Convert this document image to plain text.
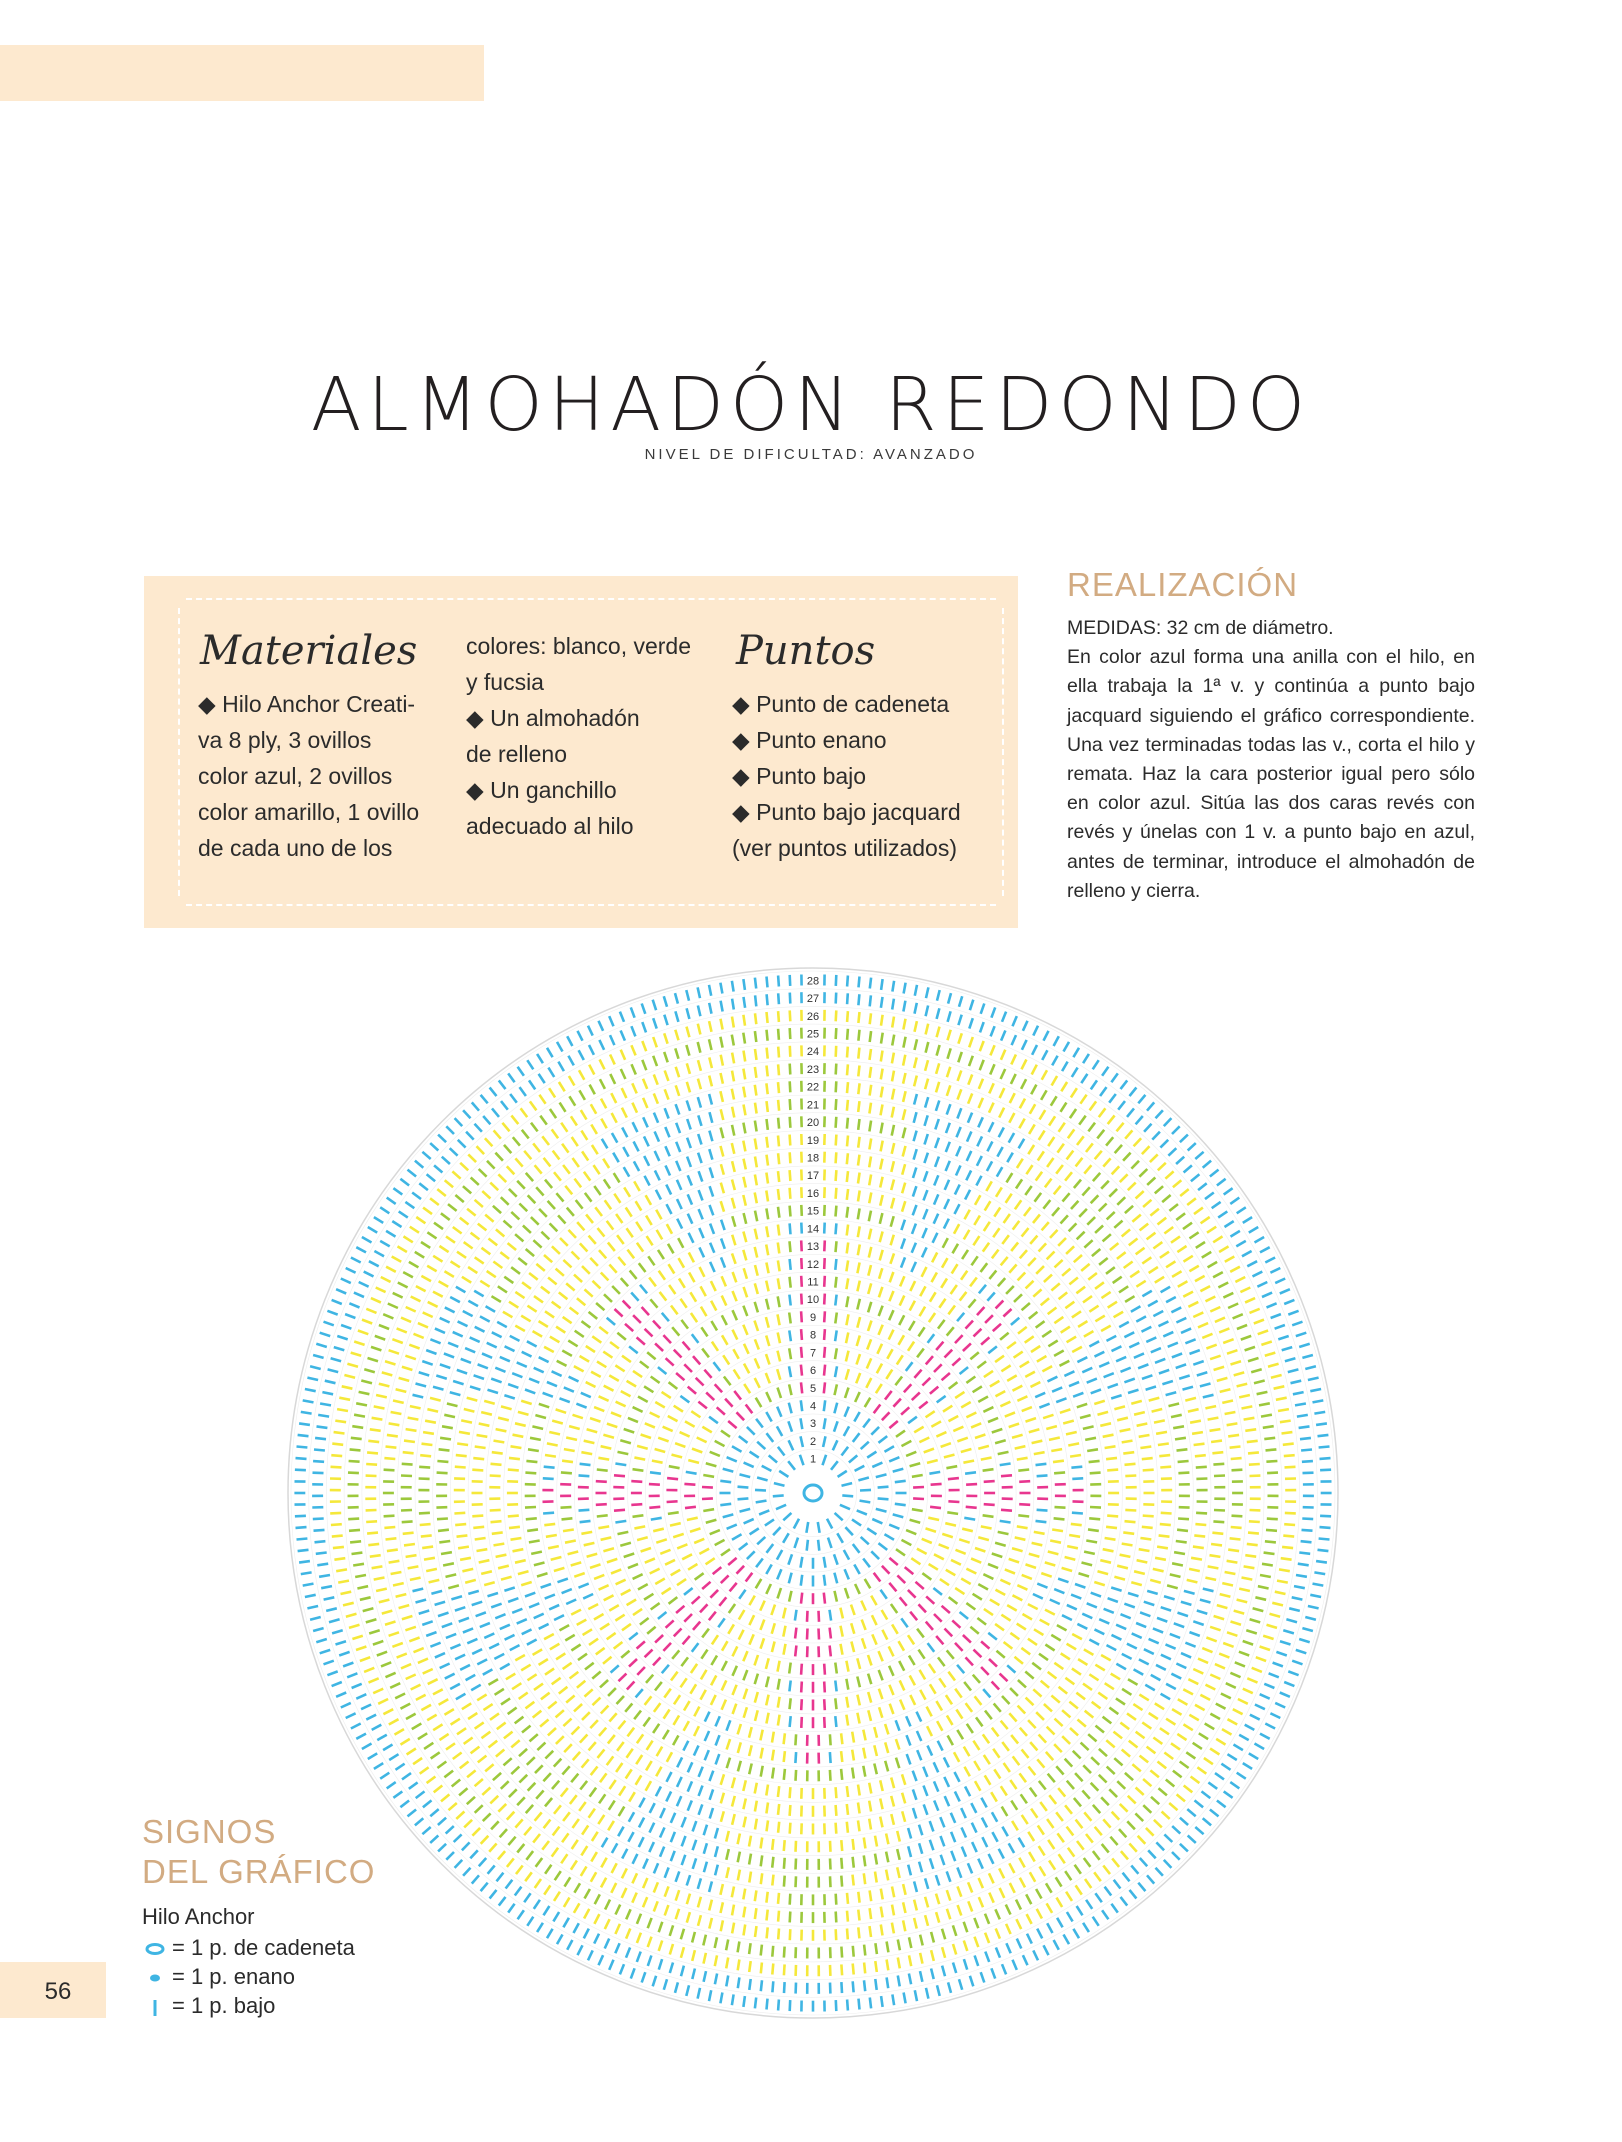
ALMOHADÓN REDONDO
NIVEL DE DIFICULTAD: AVANZADO
Materiales
◆ Hilo Anchor Creati-
va 8 ply, 3 ovillos
color azul, 2 ovillos
color amarillo, 1 ovillo
de cada uno de los
colores: blanco, verde
y fucsia
◆ Un almohadón
de relleno
◆ Un ganchillo
adecuado al hilo
Puntos
◆ Punto de cadeneta
◆ Punto enano
◆ Punto bajo
◆ Punto bajo jacquard
(ver puntos utilizados)
REALIZACIÓN
MEDIDAS: 32 cm de diámetro.
En color azul forma una anilla con el hilo, en ella trabaja la 1ª v. y continúa a punto bajo jacquard siguiendo el gráfico correspondiente. Una vez terminadas todas las v., corta el hilo y remata. Haz la cara posterior igual pero sólo en color azul. Sitúa las dos caras revés con revés y únelas con 1 v. a punto bajo en azul, antes de terminar, introduce el almohadón de relleno y cierra.
1
2
3
4
5
6
7
8
9
10
11
12
13
14
15
16
17
18
19
20
21
22
23
24
25
26
27
28
SIGNOS
DEL GRÁFICO
Hilo Anchor
= 1 p. de cadeneta
= 1 p. enano
= 1 p. bajo
56
